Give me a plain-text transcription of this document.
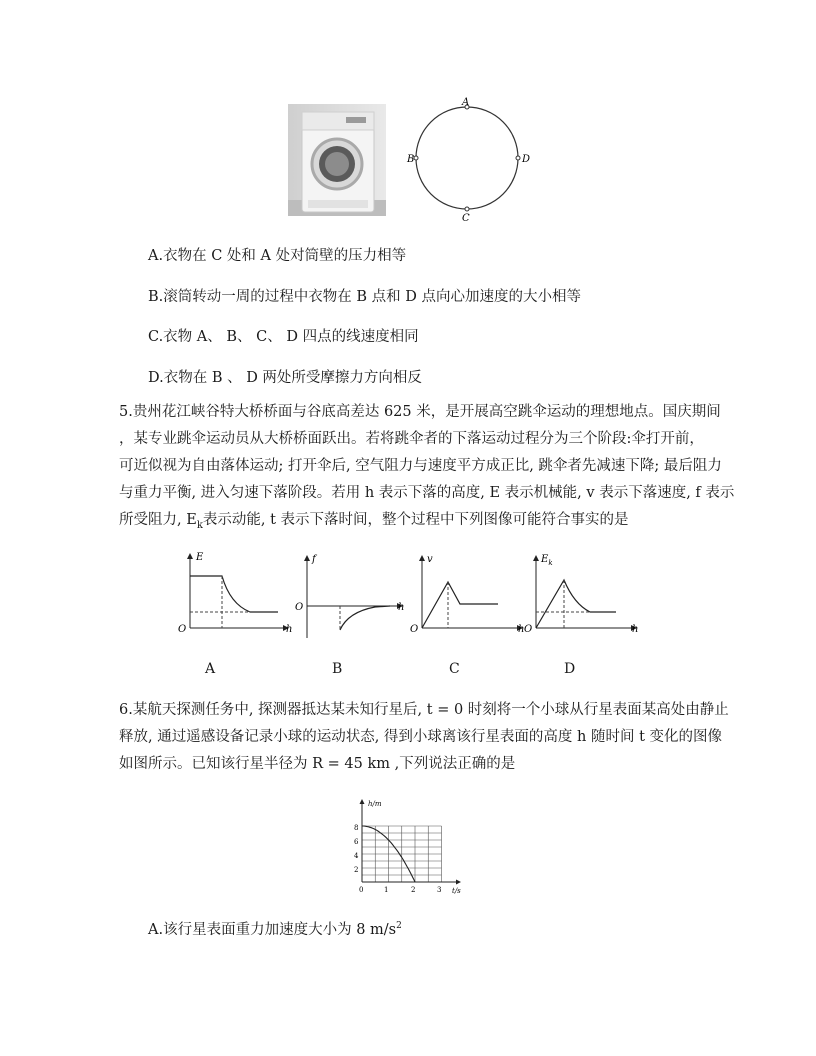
A
C
B	D
A.衣物在 C 处和 A 处对筒壁的压力相等
B.滚筒转动一周的过程中衣物在 B 点和 D 点向心加速度的大小相等
C.衣物 A、 B、 C、 D 四点的线速度相同
D.衣物在 B 、 D 两处所受摩擦力方向相反

5.贵州花江峡谷特大桥桥面与谷底高差达 625 米，是开展高空跳伞运动的理想地点。国庆期间

，某专业跳伞运动员从大桥桥面跃出。若将跳伞者的下落运动过程分为三个阶段:伞打开前，

可近似视为自由落体运动; 打开伞后, 空气阻力与速度平方成正比, 跳伞者先减速下降; 最后阻力

与重力平衡, 进入匀速下落阶段。若用 h 表示下落的高度, E 表示机械能, v 表示下落速度, f 表示

所受阻力, $E_k$表示动能, t 表示下落时间，整个过程中下列图像可能符合事实的是

E
O	h
f
O	h
v
O	h
$E_k$
O	h
A	B	C	D

6.某航天探测任务中, 探测器抵达某未知行星后, t = 0 时刻将一个小球从行星表面某高处由静止

释放, 通过遥感设备记录小球的运动状态, 得到小球离该行星表面的高度 h 随时间 t 变化的图像

如图所示。已知该行星半径为 R = 45 km ,下列说法正确的是

h/m
t/s
8
6
4
2
0	1	2	3
A.该行星表面重力加速度大小为 8 $m/s^2$
